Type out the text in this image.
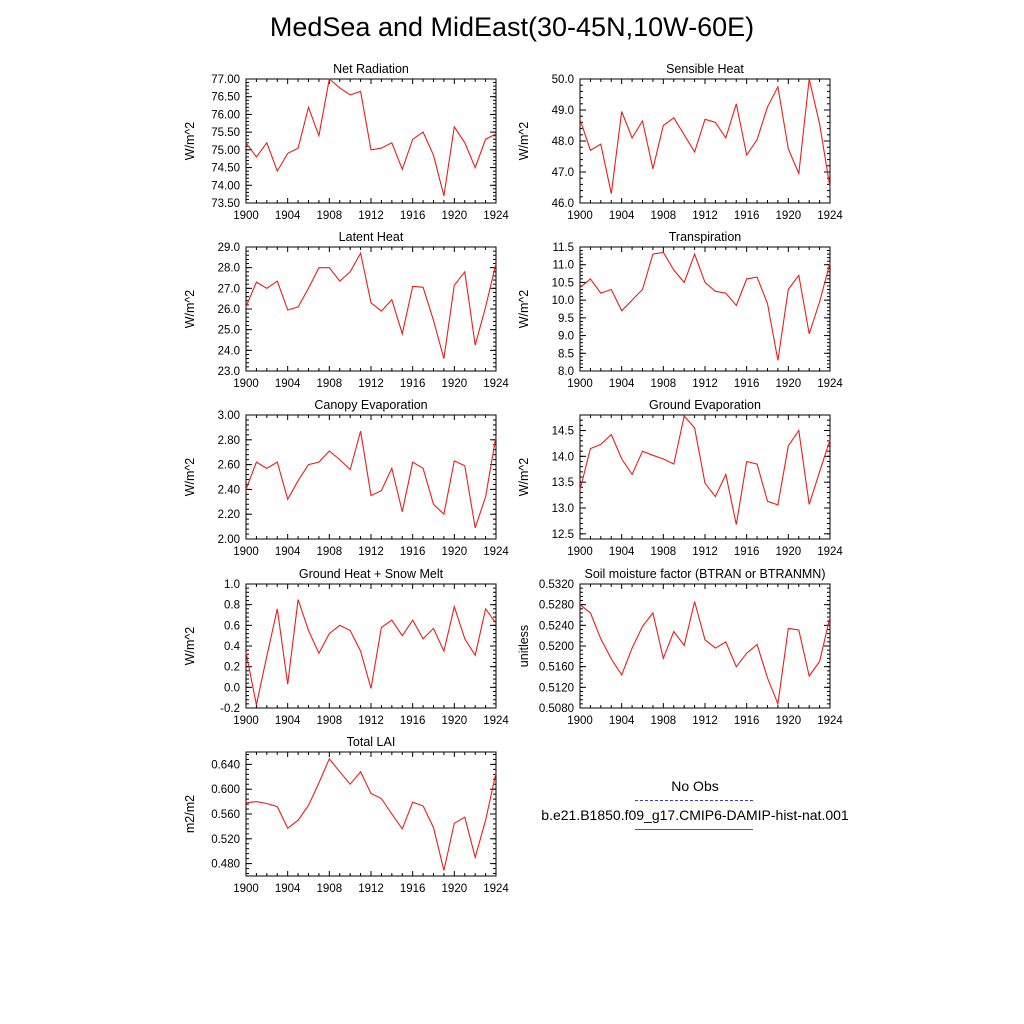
MedSea and MidEast(30-45N,10W-60E)
Net Radiation
W/m^2
1900 1904 1908 1912 1916 1920 1924
73.50
74.00
74.50
75.00
75.50
76.00
76.50
77.00
Sensible Heat
W/m^2
1900 1904 1908 1912 1916 1920 1924
46.0
47.0
48.0
49.0
50.0
Latent Heat
W/m^2
1900 1904 1908 1912 1916 1920 1924
23.0
24.0
25.0
26.0
27.0
28.0
29.0
Transpiration
W/m^2
1900 1904 1908 1912 1916 1920 1924
8.0
8.5
9.0
9.5
10.0
10.5
11.0
11.5
Canopy Evaporation
W/m^2
1900 1904 1908 1912 1916 1920 1924
2.00
2.20
2.40
2.60
2.80
3.00
Ground Evaporation
W/m^2
1900 1904 1908 1912 1916 1920 1924
12.5
13.0
13.5
14.0
14.5
Ground Heat + Snow Melt
W/m^2
1900 1904 1908 1912 1916 1920 1924
-0.2
0.0
0.2
0.4
0.6
0.8
1.0
Soil moisture factor (BTRAN or BTRANMN)
unitless
1900 1904 1908 1912 1916 1920 1924
0.5080
0.5120
0.5160
0.5200
0.5240
0.5280
0.5320
Total LAI
m2/m2
1900 1904 1908 1912 1916 1920 1924
0.480
0.520
0.560
0.600
0.640
No Obs
b.e21.B1850.f09_g17.CMIP6-DAMIP-hist-nat.001
